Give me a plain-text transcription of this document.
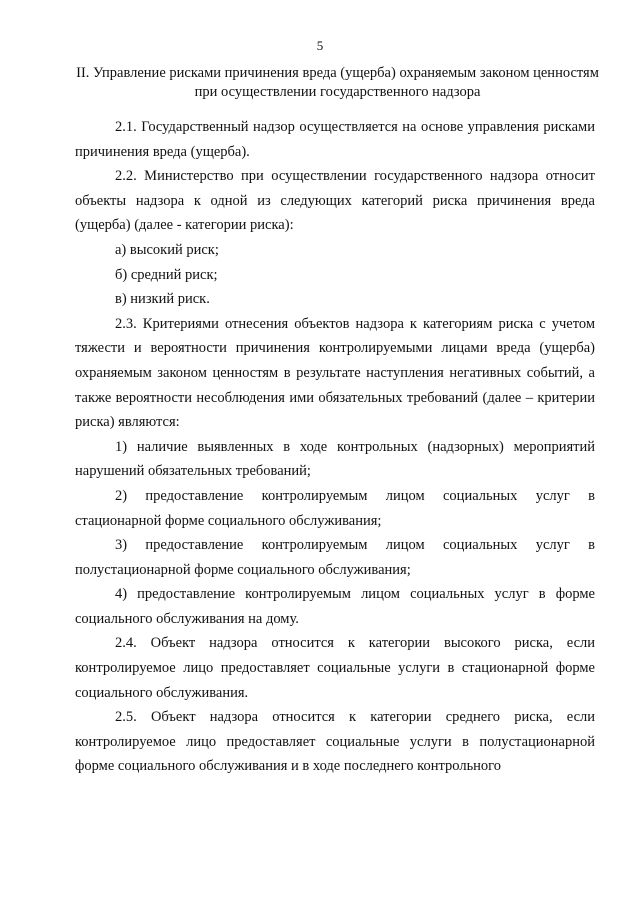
5
II. Управление рисками причинения вреда (ущерба) охраняемым законом ценностям при осуществлении государственного надзора

2.1. Государственный надзор осуществляется на основе управления рисками причинения вреда (ущерба).

2.2. Министерство при осуществлении государственного надзора относит объекты надзора к одной из следующих категорий риска причинения вреда (ущерба) (далее - категории риска):

а) высокий риск;

б) средний риск;

в) низкий риск.

2.3. Критериями отнесения объектов надзора к категориям риска с учетом тяжести и вероятности причинения контролируемыми лицами вреда (ущерба) охраняемым законом ценностям в результате наступления негативных событий, а также вероятности несоблюдения ими обязательных требований (далее – критерии риска) являются:

1) наличие выявленных в ходе контрольных (надзорных) мероприятий нарушений обязательных требований;

2) предоставление контролируемым лицом социальных услуг в стационарной форме социального обслуживания;

3) предоставление контролируемым лицом социальных услуг в полустационарной форме социального обслуживания;

4) предоставление контролируемым лицом социальных услуг в форме социального обслуживания на дому.

2.4. Объект надзора относится к категории высокого риска, если контролируемое лицо предоставляет социальные услуги в стационарной форме социального обслуживания.

2.5. Объект надзора относится к категории среднего риска, если контролируемое лицо предоставляет социальные услуги в полустационарной форме социального обслуживания и в ходе последнего контрольного
